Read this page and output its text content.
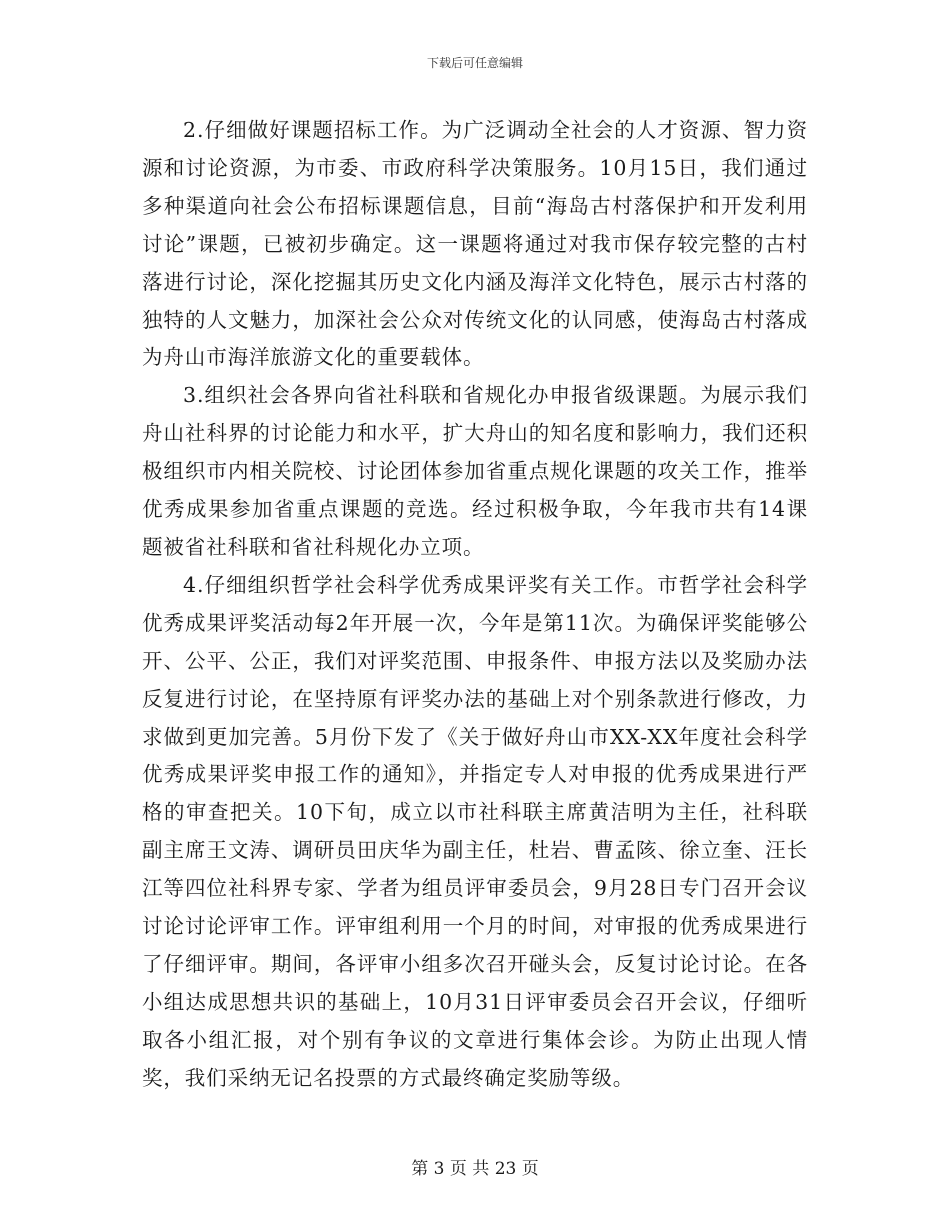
下载后可任意编辑

2.仔细做好课题招标工作。为广泛调动全社会的人才资源、智力资源和讨论资源，为市委、市政府科学决策服务。10月15日，我们通过多种渠道向社会公布招标课题信息，目前“海岛古村落保护和开发利用讨论”课题，已被初步确定。这一课题将通过对我市保存较完整的古村落进行讨论，深化挖掘其历史文化内涵及海洋文化特色，展示古村落的独特的人文魅力，加深社会公众对传统文化的认同感，使海岛古村落成为舟山市海洋旅游文化的重要载体。

3.组织社会各界向省社科联和省规化办申报省级课题。为展示我们舟山社科界的讨论能力和水平，扩大舟山的知名度和影响力，我们还积极组织市内相关院校、讨论团体参加省重点规化课题的攻关工作，推举优秀成果参加省重点课题的竞选。经过积极争取，今年我市共有14课题被省社科联和省社科规化办立项。

4.仔细组织哲学社会科学优秀成果评奖有关工作。市哲学社会科学优秀成果评奖活动每2年开展一次，今年是第11次。为确保评奖能够公开、公平、公正，我们对评奖范围、申报条件、申报方法以及奖励办法反复进行讨论，在坚持原有评奖办法的基础上对个别条款进行修改，力求做到更加完善。5月份下发了《关于做好舟山市XX-XX年度社会科学优秀成果评奖申报工作的通知》，并指定专人对申报的优秀成果进行严格的审查把关。10下旬，成立以市社科联主席黄洁明为主任，社科联副主席王文涛、调研员田庆华为副主任，杜岩、曹孟陔、徐立奎、汪长江等四位社科界专家、学者为组员评审委员会，9月28日专门召开会议讨论讨论评审工作。评审组利用一个月的时间，对审报的优秀成果进行了仔细评审。期间，各评审小组多次召开碰头会，反复讨论讨论。在各小组达成思想共识的基础上，10月31日评审委员会召开会议，仔细听取各小组汇报，对个别有争议的文章进行集体会诊。为防止出现人情奖，我们采纳无记名投票的方式最终确定奖励等级。

第 3 页 共 23 页
